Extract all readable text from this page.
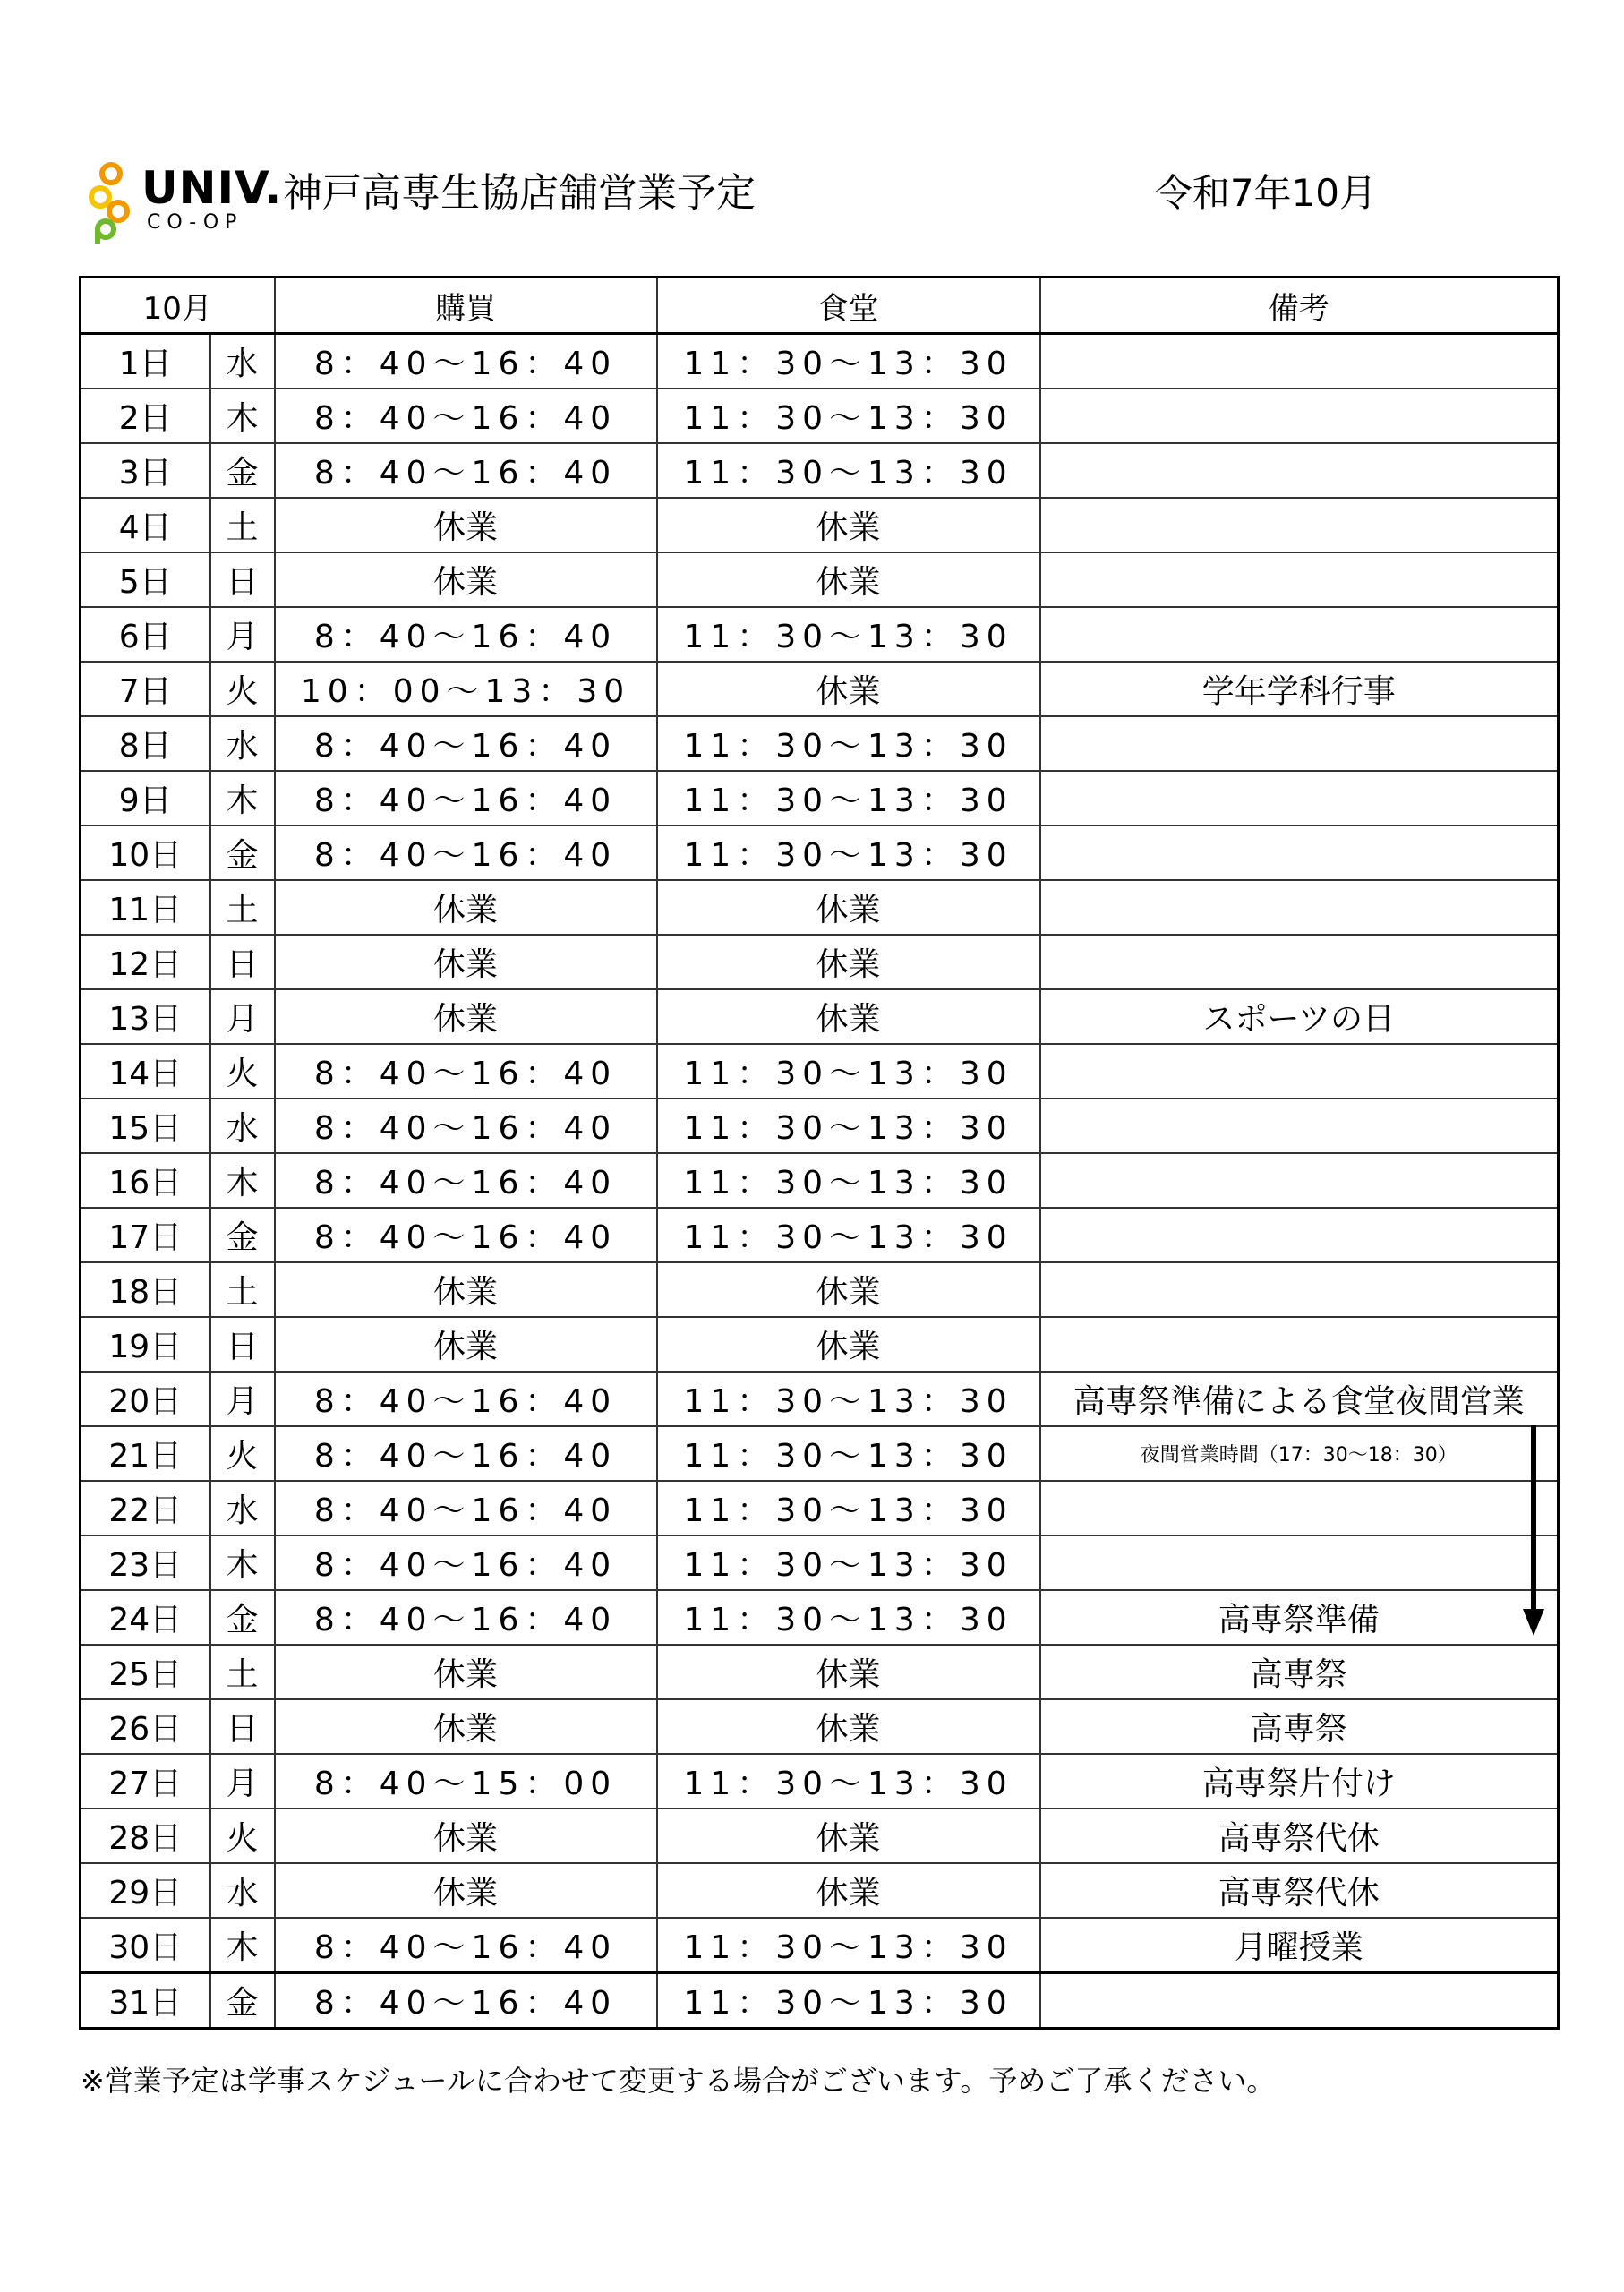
UNIV.
CO-OP
神戸高専生協店舗営業予定	令和7年10月
10月		購買	食堂	備考

1日	水	8：40～16：40	11：30～13：30	
2日	木	8：40～16：40	11：30～13：30	
3日	金	8：40～16：40	11：30～13：30	
4日	土	休業	休業	
5日	日	休業	休業	
6日	月	8：40～16：40	11：30～13：30	
7日	火	10：00～13：30	休業	学年学科行事
8日	水	8：40～16：40	11：30～13：30	
9日	木	8：40～16：40	11：30～13：30	
10日	金	8：40～16：40	11：30～13：30	
11日	土	休業	休業	
12日	日	休業	休業	
13日	月	休業	休業	スポーツの日
14日	火	8：40～16：40	11：30～13：30	
15日	水	8：40～16：40	11：30～13：30	
16日	木	8：40～16：40	11：30～13：30	
17日	金	8：40～16：40	11：30～13：30	
18日	土	休業	休業	
19日	日	休業	休業	
20日	月	8：40～16：40	11：30～13：30	高専祭準備による食堂夜間営業
21日	火	8：40～16：40	11：30～13：30	夜間営業時間（17：30～18：30）
22日	水	8：40～16：40	11：30～13：30	
23日	木	8：40～16：40	11：30～13：30	
24日	金	8：40～16：40	11：30～13：30	高専祭準備
25日	土	休業	休業	高専祭
26日	日	休業	休業	高専祭
27日	月	8：40～15：00	11：30～13：30	高専祭片付け
28日	火	休業	休業	高専祭代休
29日	水	休業	休業	高専祭代休
30日	木	8：40～16：40	11：30～13：30	月曜授業
31日	金	8：40～16：40	11：30～13：30	
※営業予定は学事スケジュールに合わせて変更する場合がございます。予めご了承ください。
